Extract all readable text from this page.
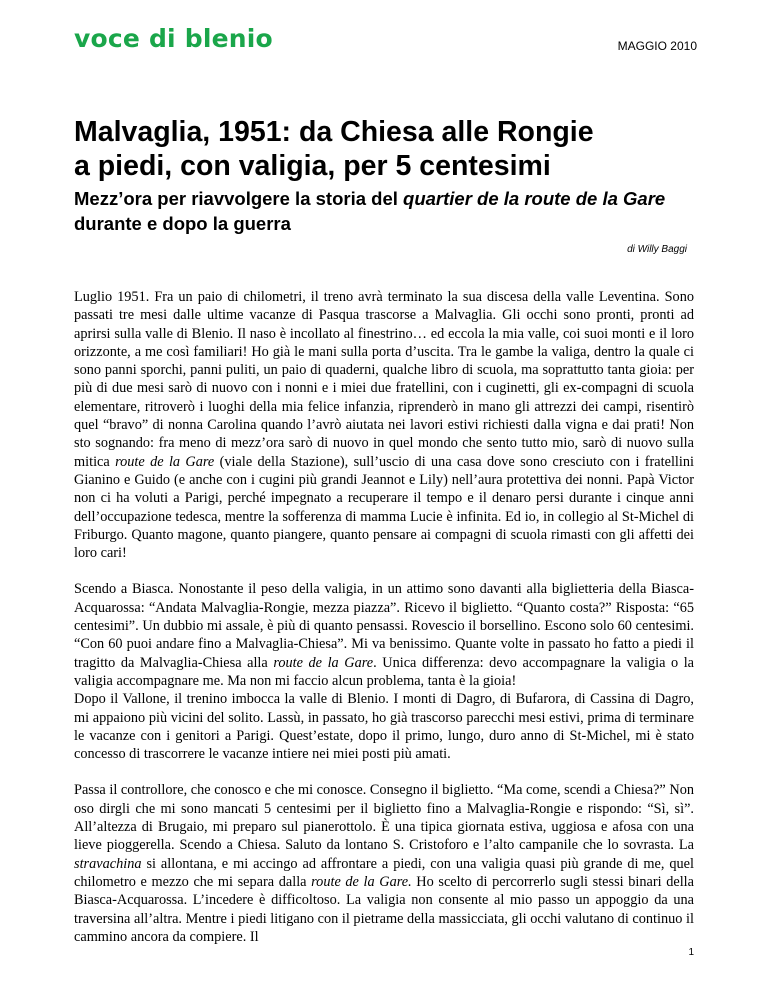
voce di blenio	MAGGIO 2010
Malvaglia, 1951: da Chiesa alle Rongie
a piedi, con valigia, per 5 centesimi
Mezz’ora per riavvolgere la storia del quartier de la route de la Gare durante e dopo la guerra
di Willy Baggi

Luglio 1951. Fra un paio di chilometri, il treno avrà terminato la sua discesa della valle Leventina. Sono passati tre mesi dalle ultime vacanze di Pasqua trascorse a Malvaglia. Gli occhi sono pronti, pronti ad aprirsi sulla valle di Blenio. Il naso è incollato al finestrino… ed eccola la mia valle, coi suoi monti e il loro orizzonte, a me così familiari! Ho già le mani sulla porta d’uscita. Tra le gambe la valiga, dentro la quale ci sono panni sporchi, panni puliti, un paio di quaderni, qualche libro di scuola, ma soprattutto tanta gioia: per più di due mesi sarò di nuovo con i nonni e i miei due fratellini, con i cuginetti, gli ex-compagni di scuola elementare, ritroverò i luoghi della mia felice infanzia, riprenderò in mano gli attrezzi dei campi, risentirò quel “bravo” di nonna Carolina quando l’avrò aiutata nei lavori estivi richiesti dalla vigna e dai prati! Non sto sognando: fra meno di mezz’ora sarò di nuovo in quel mondo che sento tutto mio, sarò di nuovo sulla mitica route de la Gare (viale della Stazione), sull’uscio di una casa dove sono cresciuto con i fratellini Gianino e Guido (e anche con i cugini più grandi Jeannot e Lily) nell’aura protettiva dei nonni. Papà Victor non ci ha voluti a Parigi, perché impegnato a recuperare il tempo e il denaro persi durante i cinque anni dell’occupazione tedesca, mentre la sofferenza di mamma Lucie è infinita. Ed io, in collegio al St-Michel di Friburgo. Quanto magone, quanto piangere, quanto pensare ai compagni di scuola rimasti con gli affetti dei loro cari!

Scendo a Biasca. Nonostante il peso della valigia, in un attimo sono davanti alla biglietteria della Biasca-Acquarossa: “Andata Malvaglia-Rongie, mezza piazza”. Ricevo il biglietto. “Quanto costa?” Risposta: “65 centesimi”. Un dubbio mi assale, è più di quanto pensassi. Rovescio il borsellino. Escono solo 60 centesimi. “Con 60 puoi andare fino a Malvaglia-Chiesa”. Mi va benissimo. Quante volte in passato ho fatto a piedi il tragitto da Malvaglia-Chiesa alla route de la Gare. Unica differenza: devo accompagnare la valigia o la valigia accompagnare me. Ma non mi faccio alcun problema, tanta è la gioia!

Dopo il Vallone, il trenino imbocca la valle di Blenio. I monti di Dagro, di Bufarora, di Cassina di Dagro, mi appaiono più vicini del solito. Lassù, in passato, ho già trascorso parecchi mesi estivi, prima di terminare le vacanze con i genitori a Parigi. Quest’estate, dopo il primo, lungo, duro anno di St-Michel, mi è stato concesso di trascorrere le vacanze intiere nei miei posti più amati.

Passa il controllore, che conosco e che mi conosce. Consegno il biglietto. “Ma come, scendi a Chiesa?” Non oso dirgli che mi sono mancati 5 centesimi per il biglietto fino a Malvaglia-Rongie e rispondo: “Sì, sì”. All’altezza di Brugaio, mi preparo sul pianerottolo. È una tipica giornata estiva, uggiosa e afosa con una lieve pioggerella. Scendo a Chiesa. Saluto da lontano S. Cristoforo e l’alto campanile che lo sovrasta. La stravachina si allontana, e mi accingo ad affrontare a piedi, con una valigia quasi più grande di me, quel chilometro e mezzo che mi separa dalla route de la Gare. Ho scelto di percorrerlo sugli stessi binari della Biasca-Acquarossa. L’incedere è difficoltoso. La valigia non consente al mio passo un appoggio da una traversina all’altra. Mentre i piedi litigano con il pietrame della massicciata, gli occhi valutano di continuo il cammino ancora da compiere. Il

1
